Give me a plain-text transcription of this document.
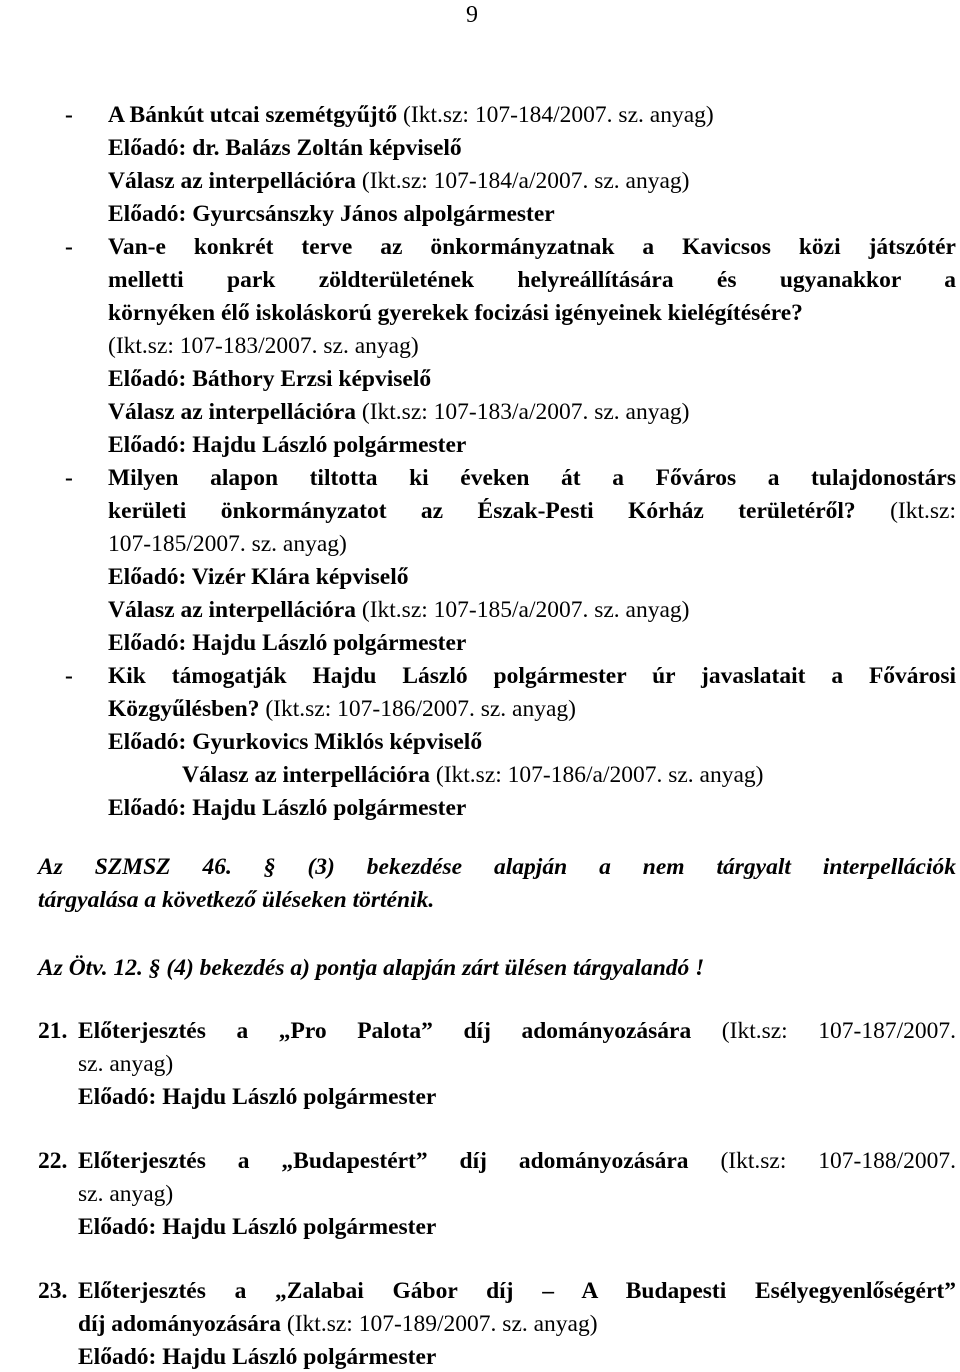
9
- A Bánkút utcai szemétgyűjtő (Ikt.sz: 107-184/2007. sz. anyag)
Előadó: dr. Balázs Zoltán képviselő
Válasz az interpellációra (Ikt.sz: 107-184/a/2007. sz. anyag)
Előadó: Gyurcsánszky János alpolgármester
- Van-e konkrét terve az önkormányzatnak a Kavicsos közi játszótér
melletti park zöldterületének helyreállítására és ugyanakkor a
környéken élő iskoláskorú gyerekek focizási igényeinek kielégítésére?
(Ikt.sz: 107-183/2007. sz. anyag)
Előadó: Báthory Erzsi képviselő
Válasz az interpellációra (Ikt.sz: 107-183/a/2007. sz. anyag)
Előadó: Hajdu László polgármester
- Milyen alapon tiltotta ki éveken át a Főváros a tulajdonostárs
kerületi önkormányzatot az Észak-Pesti Kórház területéről? (Ikt.sz:
107-185/2007. sz. anyag)
Előadó: Vizér Klára képviselő
Válasz az interpellációra (Ikt.sz: 107-185/a/2007. sz. anyag)
Előadó: Hajdu László polgármester
- Kik támogatják Hajdu László polgármester úr javaslatait a Fővárosi
Közgyűlésben? (Ikt.sz: 107-186/2007. sz. anyag)
Előadó: Gyurkovics Miklós képviselő
Válasz az interpellációra (Ikt.sz: 107-186/a/2007. sz. anyag)
Előadó: Hajdu László polgármester
Az SZMSZ 46. § (3) bekezdése alapján a nem tárgyalt interpellációk
tárgyalása a következő üléseken történik.
Az Ötv. 12. § (4) bekezdés a) pontja alapján zárt ülésen tárgyalandó !
21. Előterjesztés a „Pro Palota” díj adományozására (Ikt.sz: 107-187/2007.
sz. anyag)
Előadó: Hajdu László polgármester
22. Előterjesztés a „Budapestért” díj adományozására (Ikt.sz: 107-188/2007.
sz. anyag)
Előadó: Hajdu László polgármester
23. Előterjesztés a „Zalabai Gábor díj – A Budapesti Esélyegyenlőségért”
díj adományozására (Ikt.sz: 107-189/2007. sz. anyag)
Előadó: Hajdu László polgármester
